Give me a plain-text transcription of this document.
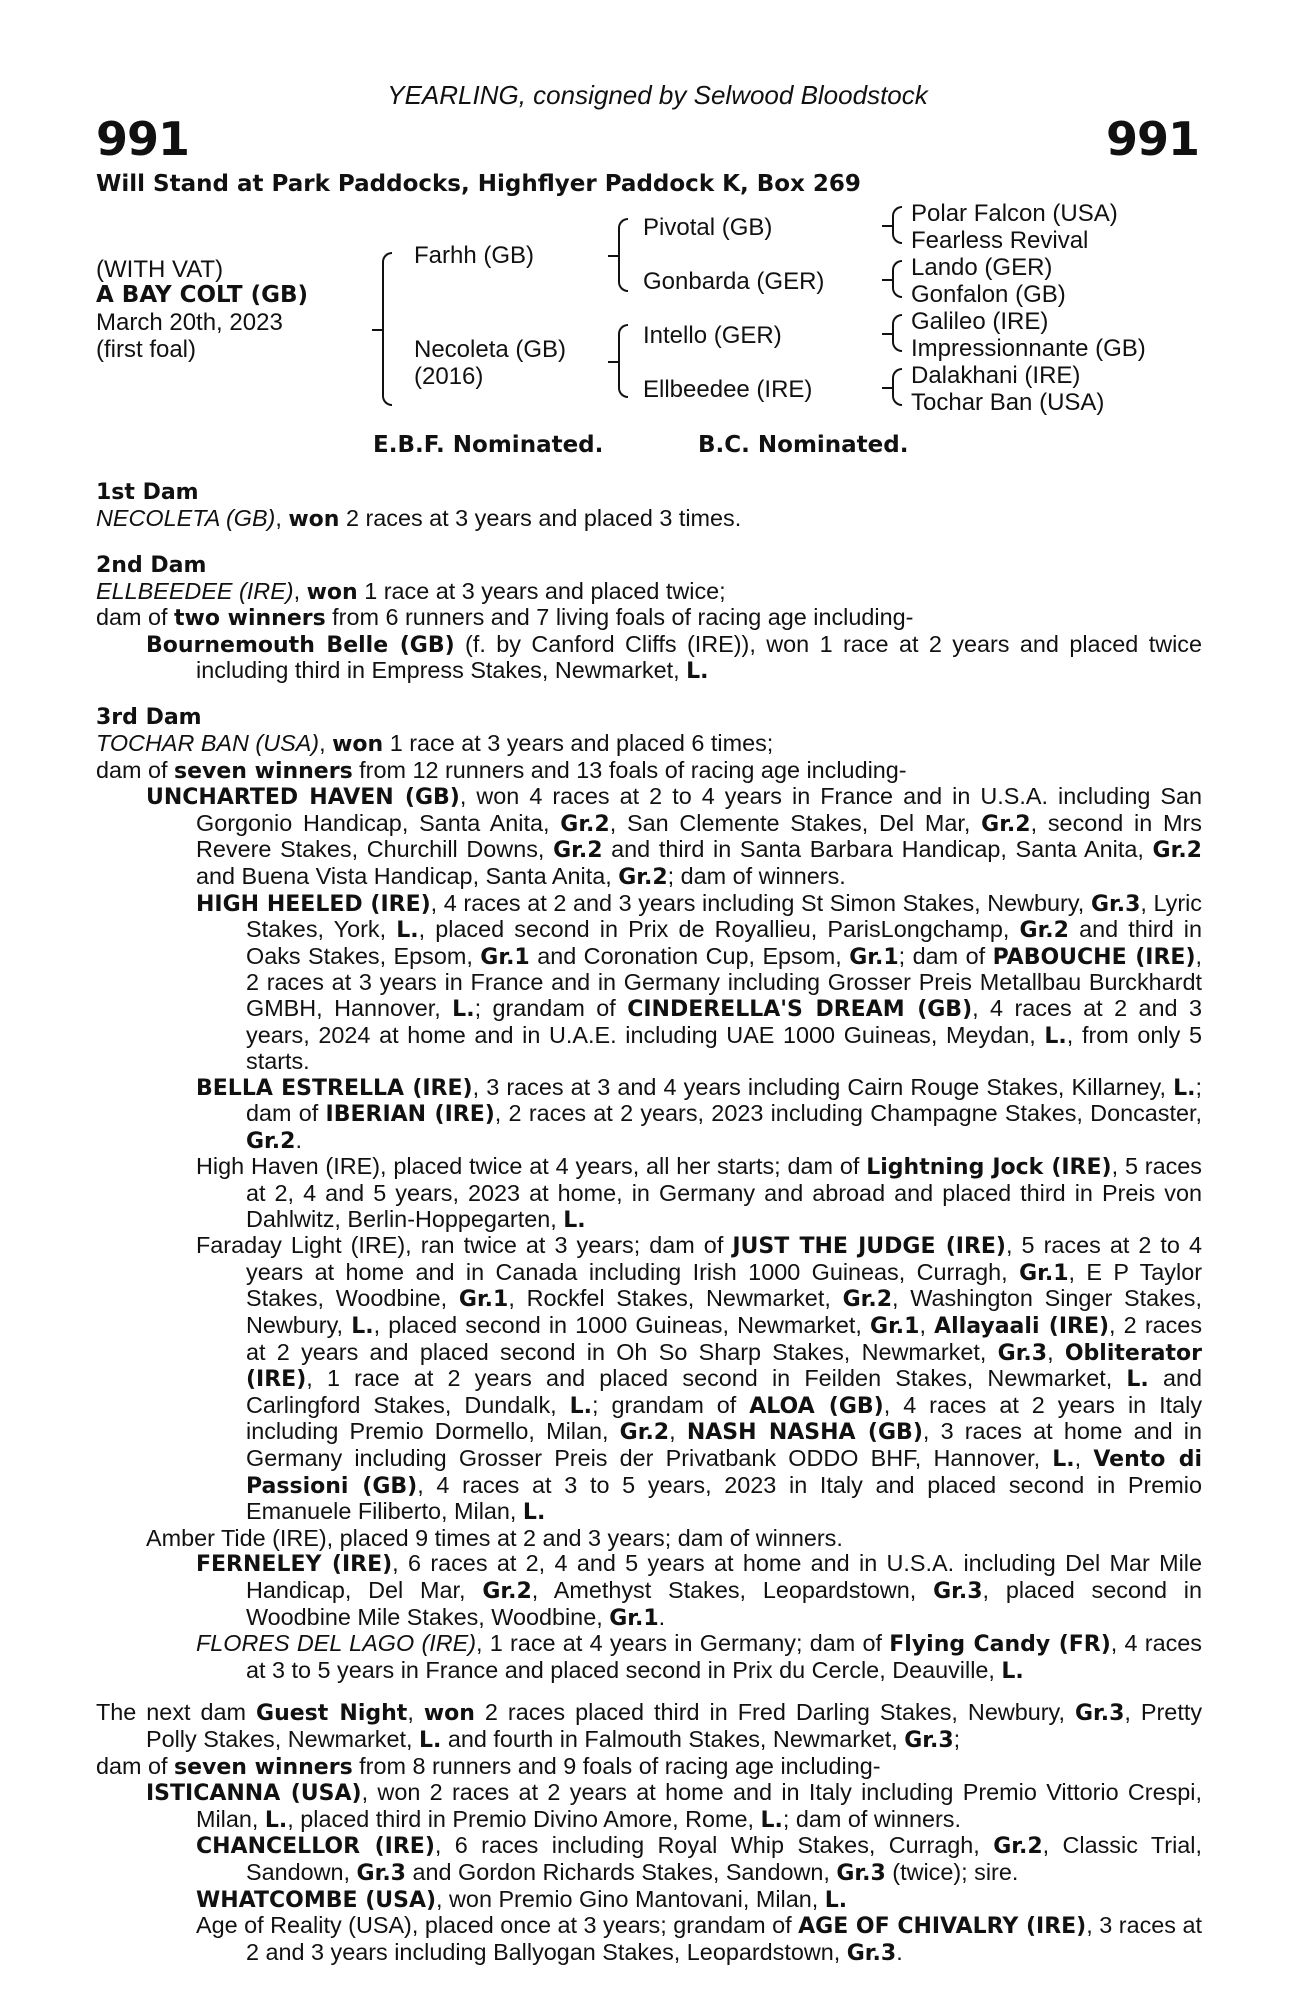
YEARLING, consigned by Selwood Bloodstock
991	991
Will Stand at Park Paddocks, Highflyer Paddock K, Box 269
(WITH VAT)
A BAY COLT (GB)
March 20th, 2023
(first foal)
Farhh (GB)
Necoleta (GB)
(2016)
Pivotal (GB)
Gonbarda (GER)
Intello (GER)
Ellbeedee (IRE)
Polar Falcon (USA)
Fearless Revival
Lando (GER)
Gonfalon (GB)
Galileo (IRE)
Impressionnante (GB)
Dalakhani (IRE)
Tochar Ban (USA)
E.B.F. Nominated.	B.C. Nominated.
1st Dam
NECOLETA (GB), won 2 races at 3 years and placed 3 times.
2nd Dam
ELLBEEDEE (IRE), won 1 race at 3 years and placed twice;
dam of two winners from 6 runners and 7 living foals of racing age including-
Bournemouth Belle (GB) (f. by Canford Cliffs (IRE)), won 1 race at 2 years and placed twice including third in Empress Stakes, Newmarket, L.
3rd Dam
TOCHAR BAN (USA), won 1 race at 3 years and placed 6 times;
dam of seven winners from 12 runners and 13 foals of racing age including-
UNCHARTED HAVEN (GB), won 4 races at 2 to 4 years in France and in U.S.A. including San Gorgonio Handicap, Santa Anita, Gr.2, San Clemente Stakes, Del Mar, Gr.2, second in Mrs Revere Stakes, Churchill Downs, Gr.2 and third in Santa Barbara Handicap, Santa Anita, Gr.2 and Buena Vista Handicap, Santa Anita, Gr.2; dam of winners.
HIGH HEELED (IRE), 4 races at 2 and 3 years including St Simon Stakes, Newbury, Gr.3, Lyric Stakes, York, L., placed second in Prix de Royallieu, ParisLongchamp, Gr.2 and third in Oaks Stakes, Epsom, Gr.1 and Coronation Cup, Epsom, Gr.1; dam of PABOUCHE (IRE), 2 races at 3 years in France and in Germany including Grosser Preis Metallbau Burckhardt GMBH, Hannover, L.; grandam of CINDERELLA'S DREAM (GB), 4 races at 2 and 3 years, 2024 at home and in U.A.E. including UAE 1000 Guineas, Meydan, L., from only 5 starts.
BELLA ESTRELLA (IRE), 3 races at 3 and 4 years including Cairn Rouge Stakes, Killarney, L.; dam of IBERIAN (IRE), 2 races at 2 years, 2023 including Champagne Stakes, Doncaster, Gr.2.
High Haven (IRE), placed twice at 4 years, all her starts; dam of Lightning Jock (IRE), 5 races at 2, 4 and 5 years, 2023 at home, in Germany and abroad and placed third in Preis von Dahlwitz, Berlin-Hoppegarten, L.
Faraday Light (IRE), ran twice at 3 years; dam of JUST THE JUDGE (IRE), 5 races at 2 to 4 years at home and in Canada including Irish 1000 Guineas, Curragh, Gr.1, E P Taylor Stakes, Woodbine, Gr.1, Rockfel Stakes, Newmarket, Gr.2, Washington Singer Stakes, Newbury, L., placed second in 1000 Guineas, Newmarket, Gr.1, Allayaali (IRE), 2 races at 2 years and placed second in Oh So Sharp Stakes, Newmarket, Gr.3, Obliterator (IRE), 1 race at 2 years and placed second in Feilden Stakes, Newmarket, L. and Carlingford Stakes, Dundalk, L.; grandam of ALOA (GB), 4 races at 2 years in Italy including Premio Dormello, Milan, Gr.2, NASH NASHA (GB), 3 races at home and in Germany including Grosser Preis der Privatbank ODDO BHF, Hannover, L., Vento di Passioni (GB), 4 races at 3 to 5 years, 2023 in Italy and placed second in Premio Emanuele Filiberto, Milan, L.
Amber Tide (IRE), placed 9 times at 2 and 3 years; dam of winners.
FERNELEY (IRE), 6 races at 2, 4 and 5 years at home and in U.S.A. including Del Mar Mile Handicap, Del Mar, Gr.2, Amethyst Stakes, Leopardstown, Gr.3, placed second in Woodbine Mile Stakes, Woodbine, Gr.1.
FLORES DEL LAGO (IRE), 1 race at 4 years in Germany; dam of Flying Candy (FR), 4 races at 3 to 5 years in France and placed second in Prix du Cercle, Deauville, L.
The next dam Guest Night, won 2 races placed third in Fred Darling Stakes, Newbury, Gr.3, Pretty Polly Stakes, Newmarket, L. and fourth in Falmouth Stakes, Newmarket, Gr.3;
dam of seven winners from 8 runners and 9 foals of racing age including-
ISTICANNA (USA), won 2 races at 2 years at home and in Italy including Premio Vittorio Crespi, Milan, L., placed third in Premio Divino Amore, Rome, L.; dam of winners.
CHANCELLOR (IRE), 6 races including Royal Whip Stakes, Curragh, Gr.2, Classic Trial, Sandown, Gr.3 and Gordon Richards Stakes, Sandown, Gr.3 (twice); sire.
WHATCOMBE (USA), won Premio Gino Mantovani, Milan, L.
Age of Reality (USA), placed once at 3 years; grandam of AGE OF CHIVALRY (IRE), 3 races at 2 and 3 years including Ballyogan Stakes, Leopardstown, Gr.3.
